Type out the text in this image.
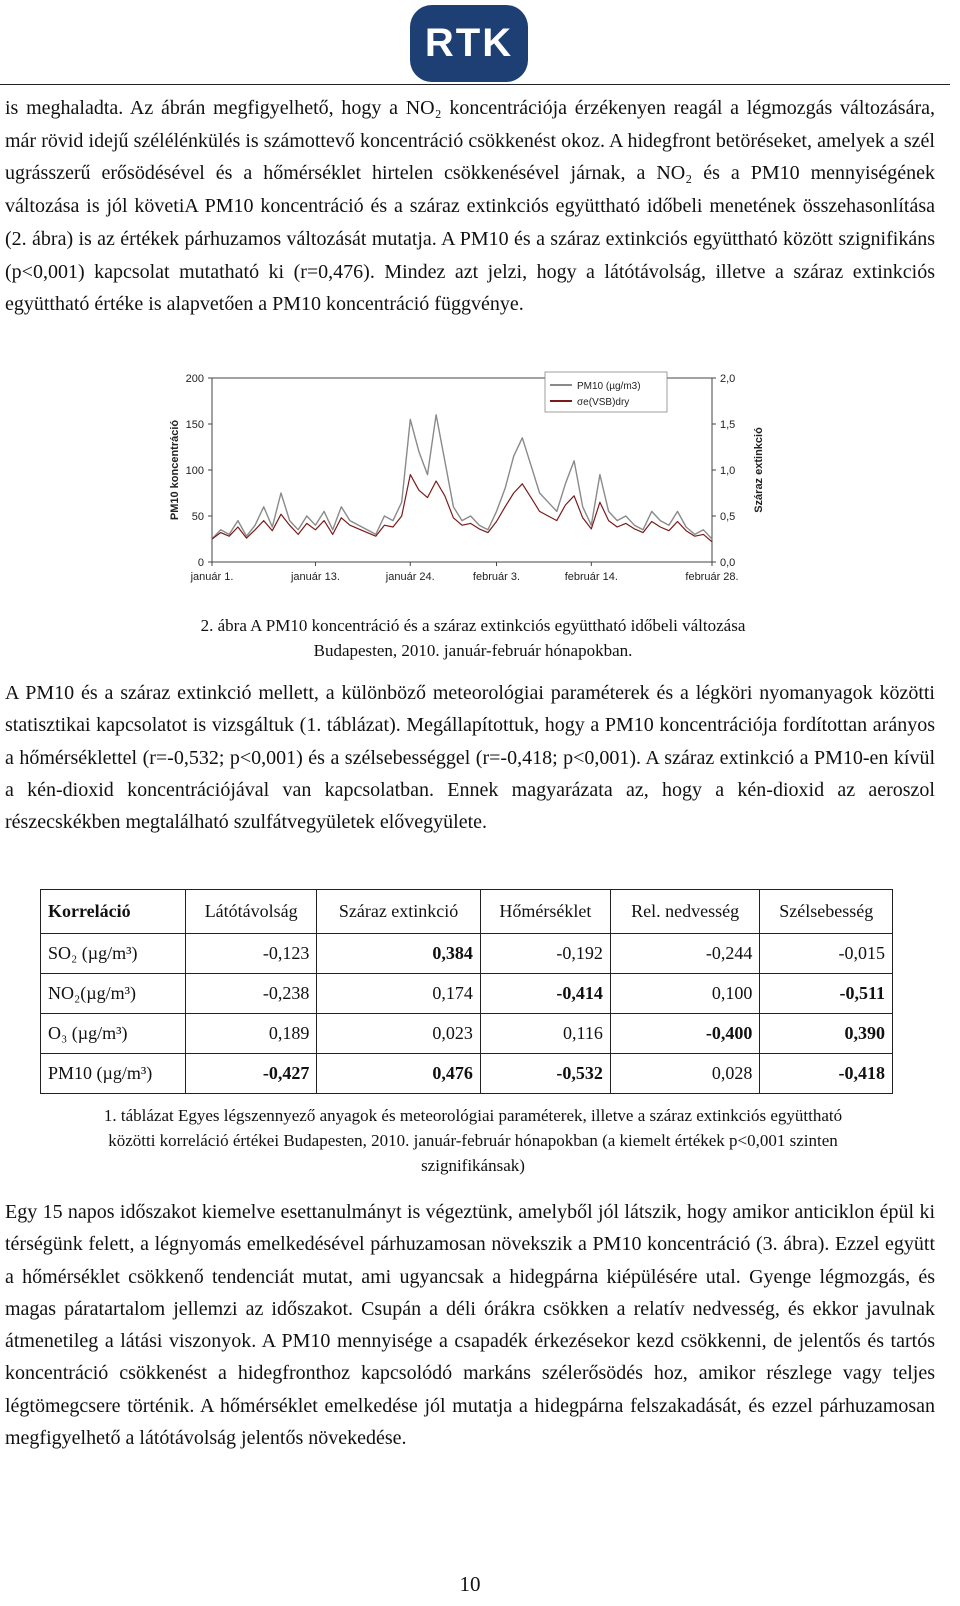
RTK

is meghaladta. Az ábrán megfigyelhető, hogy a NO₂ koncentrációja érzékenyen reagál a légmozgás változására, már rövid idejű szélélénkülés is számottevő koncentráció csökkenést okoz. A hidegfront betöréseket, amelyek a szél ugrásszerű erősödésével és a hőmérséklet hirtelen csökkenésével járnak, a NO₂ és a PM10 mennyiségének változása is jól követiA PM10 koncentráció és a száraz extinkciós együttható időbeli menetének összehasonlítása (2. ábra) is az értékek párhuzamos változását mutatja. A PM10 és a száraz extinkciós együttható között szignifikáns (p<0,001) kapcsolat mutatható ki (r=0,476). Mindez azt jelzi, hogy a látótávolság, illetve a száraz extinkciós együttható értéke is alapvetően a PM10 koncentráció függvénye.

0
50
100
150
200
0,0
0,5
1,0
1,5
2,0
január 1.	január 13.	január 24.	február 3.	február 14.	február 28.
PM10 koncentráció	Száraz extinkció
PM10 (µg/m3)
σe(VSB)dry
2. ábra A PM10 koncentráció és a száraz extinkciós együttható időbeli változása
Budapesten, 2010. január-február hónapokban.

A PM10 és a száraz extinkció mellett, a különböző meteorológiai paraméterek és a légköri nyomanyagok közötti statisztikai kapcsolatot is vizsgáltuk (1. táblázat). Megállapítottuk, hogy a PM10 koncentrációja fordítottan arányos a hőmérséklettel (r=-0,532; p<0,001) és a szélsebességgel (r=-0,418; p<0,001). A száraz extinkció a PM10-en kívül a kén-dioxid koncentrációjával van kapcsolatban. Ennek magyarázata az, hogy a kén-dioxid az aeroszol részecskékben megtalálható szulfátvegyületek elővegyülete.

Korreláció	Látótávolság	Száraz extinkció	Hőmérséklet	Rel. nedvesség	Szélsebesség
SO₂ (µg/m³)	-0,123	0,384	-0,192	-0,244	-0,015
NO₂(µg/m³)	-0,238	0,174	-0,414	0,100	-0,511
O₃ (µg/m³)	0,189	0,023	0,116	-0,400	0,390
PM10 (µg/m³)	-0,427	0,476	-0,532	0,028	-0,418
1. táblázat Egyes légszennyező anyagok és meteorológiai paraméterek, illetve a száraz extinkciós együttható
közötti korreláció értékei Budapesten, 2010. január-február hónapokban (a kiemelt értékek p<0,001 szinten
szignifikánsak)

Egy 15 napos időszakot kiemelve esettanulmányt is végeztünk, amelyből jól látszik, hogy amikor anticiklon épül ki térségünk felett, a légnyomás emelkedésével párhuzamosan növekszik a PM10 koncentráció (3. ábra). Ezzel együtt a hőmérséklet csökkenő tendenciát mutat, ami ugyancsak a hidegpárna kiépülésére utal. Gyenge légmozgás, és magas páratartalom jellemzi az időszakot. Csupán a déli órákra csökken a relatív nedvesség, és ekkor javulnak átmenetileg a látási viszonyok. A PM10 mennyisége a csapadék érkezésekor kezd csökkenni, de jelentős és tartós koncentráció csökkenést a hidegfronthoz kapcsolódó markáns szélerősödés hoz, amikor részlege vagy teljes légtömegcsere történik. A hőmérséklet emelkedése jól mutatja a hidegpárna felszakadását, és ezzel párhuzamosan megfigyelhető a látótávolság jelentős növekedése.

10
